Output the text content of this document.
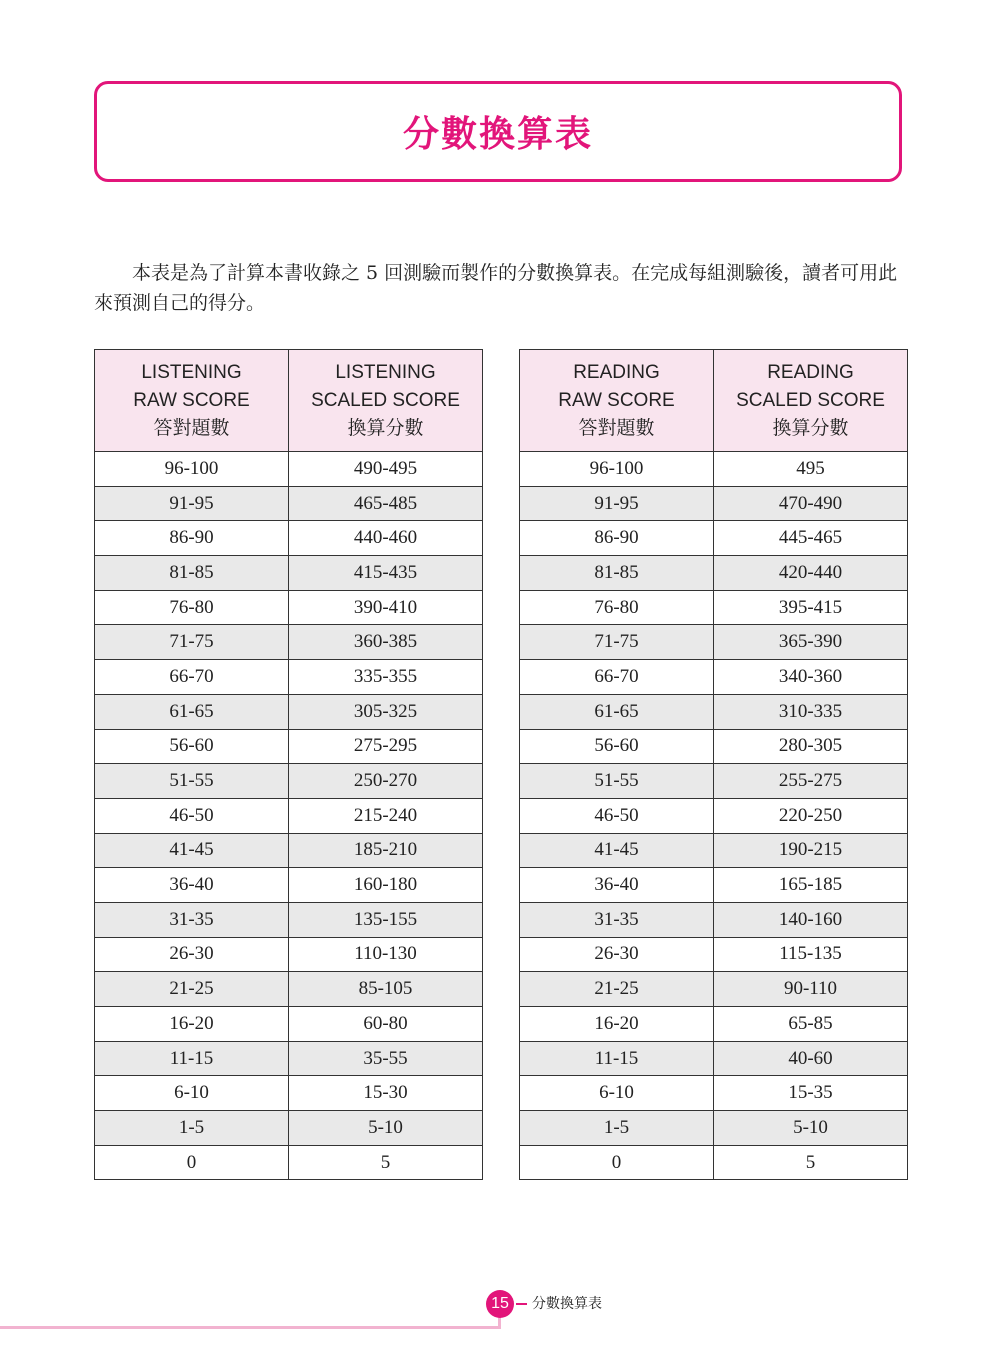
分數換算表

本表是為了計算本書收錄之 5 回測驗而製作的分數換算表。在完成每組測驗後，讀者可用此來預測自己的得分。

LISTENING
RAW SCORE
答對題數	LISTENING
SCALED SCORE
換算分數

96-100	490-495
91-95	465-485
86-90	440-460
81-85	415-435
76-80	390-410
71-75	360-385
66-70	335-355
61-65	305-325
56-60	275-295
51-55	250-270
46-50	215-240
41-45	185-210
36-40	160-180
31-35	135-155
26-30	110-130
21-25	85-105
16-20	60-80
11-15	35-55
6-10	15-30
1-5	5-10
0	5
READING
RAW SCORE
答對題數	READING
SCALED SCORE
換算分數

96-100	495
91-95	470-490
86-90	445-465
81-85	420-440
76-80	395-415
71-75	365-390
66-70	340-360
61-65	310-335
56-60	280-305
51-55	255-275
46-50	220-250
41-45	190-215
36-40	165-185
31-35	140-160
26-30	115-135
21-25	90-110
16-20	65-85
11-15	40-60
6-10	15-35
1-5	5-10
0	5
15	分數換算表
